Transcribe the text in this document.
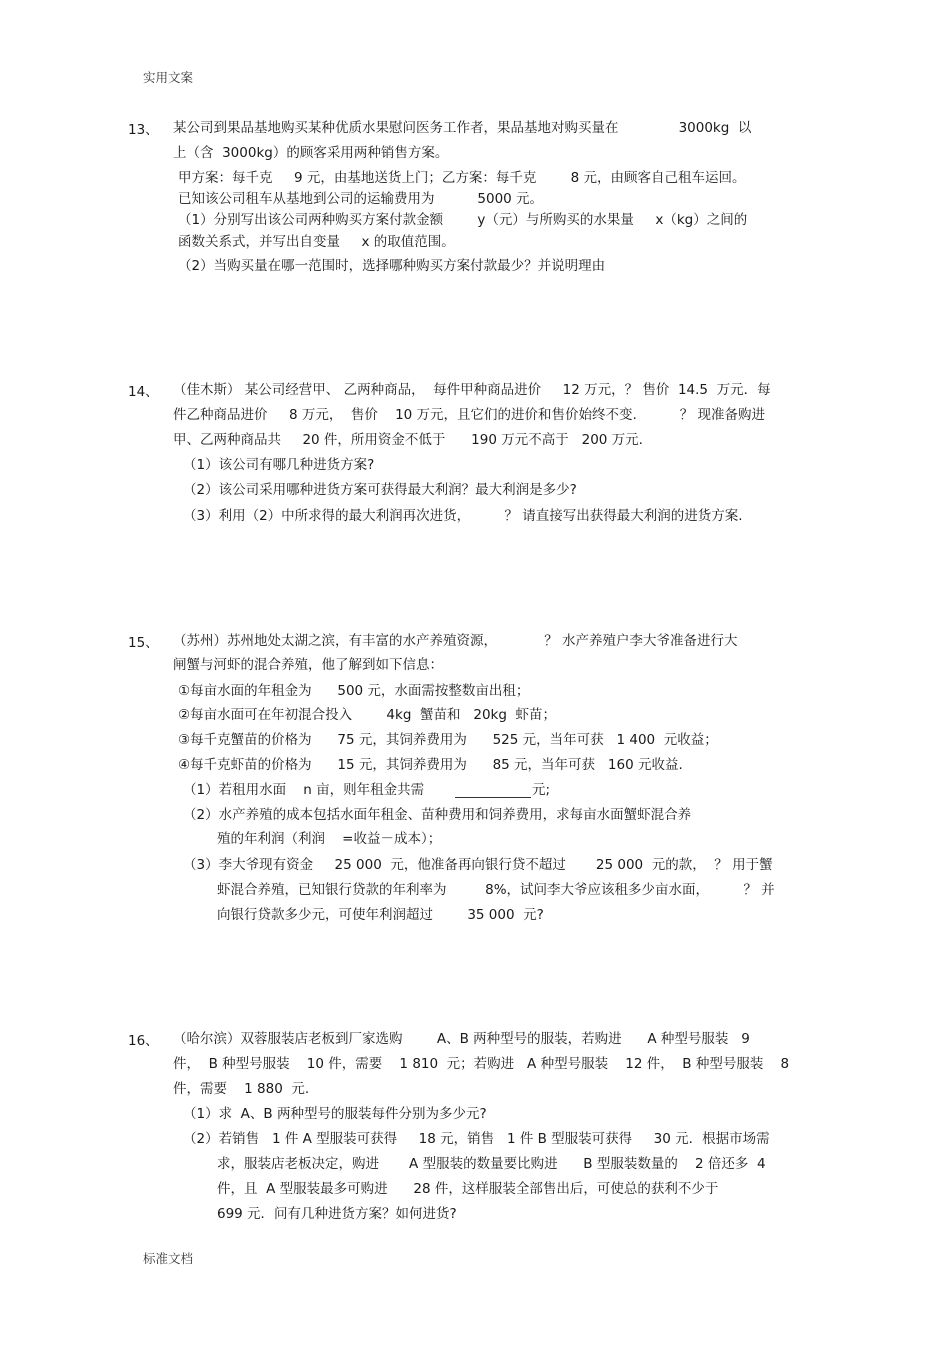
实用文案
13、 某公司到果品基地购买某种优质水果慰问医务工作者，果品基地对购买量在              3000kg  以
上（含  3000kg）的顾客采用两种销售方案。
甲方案：每千克     9 元，由基地送货上门；乙方案：每千克        8 元，由顾客自己租车运回。
已知该公司租车从基地到公司的运输费用为          5000 元。
（1）分别写出该公司两种购买方案付款金额        y（元）与所购买的水果量     x（kg）之间的
函数关系式，并写出自变量     x 的取值范围。
（2）当购买量在哪一范围时，选择哪种购买方案付款最少？并说明理由
14、 （佳木斯） 某公司经营甲、 乙两种商品，  每件甲种商品进价     12 万元，？ 售价  14.5  万元．每
件乙种商品进价     8 万元，  售价    10 万元，且它们的进价和售价始终不变.          ？ 现准备购进
甲、乙两种商品共     20 件，所用资金不低于      190 万元不高于   200 万元.
（1）该公司有哪几种进货方案?
（2）该公司采用哪种进货方案可获得最大利润？最大利润是多少?
（3）利用（2）中所求得的最大利润再次进货，        ？ 请直接写出获得最大利润的进货方案.
15、 （苏州）苏州地处太湖之滨，有丰富的水产养殖资源，           ？ 水产养殖户李大爷准备进行大
闸蟹与河虾的混合养殖，他了解到如下信息：
①每亩水面的年租金为      500 元，水面需按整数亩出租；
②每亩水面可在年初混合投入        4kg  蟹苗和   20kg  虾苗；
③每千克蟹苗的价格为      75 元，其饲养费用为      525 元，当年可获   1 400  元收益；
④每千克虾苗的价格为      15 元，其饲养费用为      85 元，当年可获   160 元收益.
（1）若租用水面    n 亩，则年租金共需	元;
（2）水产养殖的成本包括水面年租金、苗种费用和饲养费用，求每亩水面蟹虾混合养
殖的年利润（利润    =收益－成本）；
（3）李大爷现有资金     25 000  元，他准备再向银行贷不超过       25 000  元的款，  ？ 用于蟹
虾混合养殖，已知银行贷款的年利率为         8%，试问李大爷应该租多少亩水面，        ？ 并
向银行贷款多少元，可使年利润超过        35 000  元?
16、 （哈尔滨）双蓉服装店老板到厂家选购        A、B 两种型号的服装，若购进      A 种型号服装   9
件，  B 种型号服装    10 件，需要    1 810  元；若购进   A 种型号服装    12 件，  B 种型号服装    8
件，需要    1 880  元.
（1）求  A、B 两种型号的服装每件分别为多少元?
（2）若销售   1 件 A 型服装可获得     18 元，销售   1 件 B 型服装可获得     30 元．根据市场需
求，服装店老板决定，购进       A 型服装的数量要比购进      B 型服装数量的    2 倍还多  4
件，且  A 型服装最多可购进      28 件，这样服装全部售出后，可使总的获利不少于
699 元．问有几种进货方案？如何进货?
标准文档
